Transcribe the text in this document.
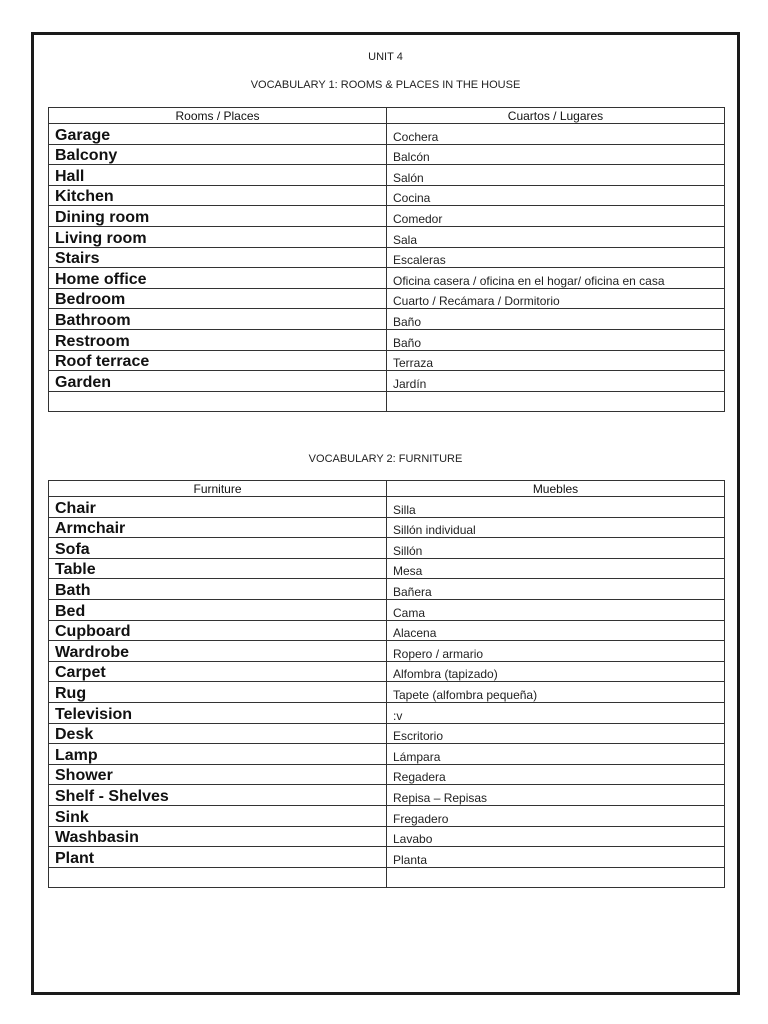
UNIT 4
VOCABULARY 1: ROOMS & PLACES IN THE HOUSE
Rooms / Places	Cuartos / Lugares
Garage	Cochera
Balcony	Balcón
Hall	Salón
Kitchen	Cocina
Dining room	Comedor
Living room	Sala
Stairs	Escaleras
Home office	Oficina casera / oficina en el hogar/ oficina en casa
Bedroom	Cuarto / Recámara / Dormitorio
Bathroom	Baño
Restroom	Baño
Roof terrace	Terraza
Garden	Jardín

VOCABULARY 2: FURNITURE
Furniture	Muebles
Chair	Silla
Armchair	Sillón individual
Sofa	Sillón
Table	Mesa
Bath	Bañera
Bed	Cama
Cupboard	Alacena
Wardrobe	Ropero / armario
Carpet	Alfombra (tapizado)
Rug	Tapete (alfombra pequeña)
Television	:v
Desk	Escritorio
Lamp	Lámpara
Shower	Regadera
Shelf - Shelves	Repisa – Repisas
Sink	Fregadero
Washbasin	Lavabo
Plant	Planta
